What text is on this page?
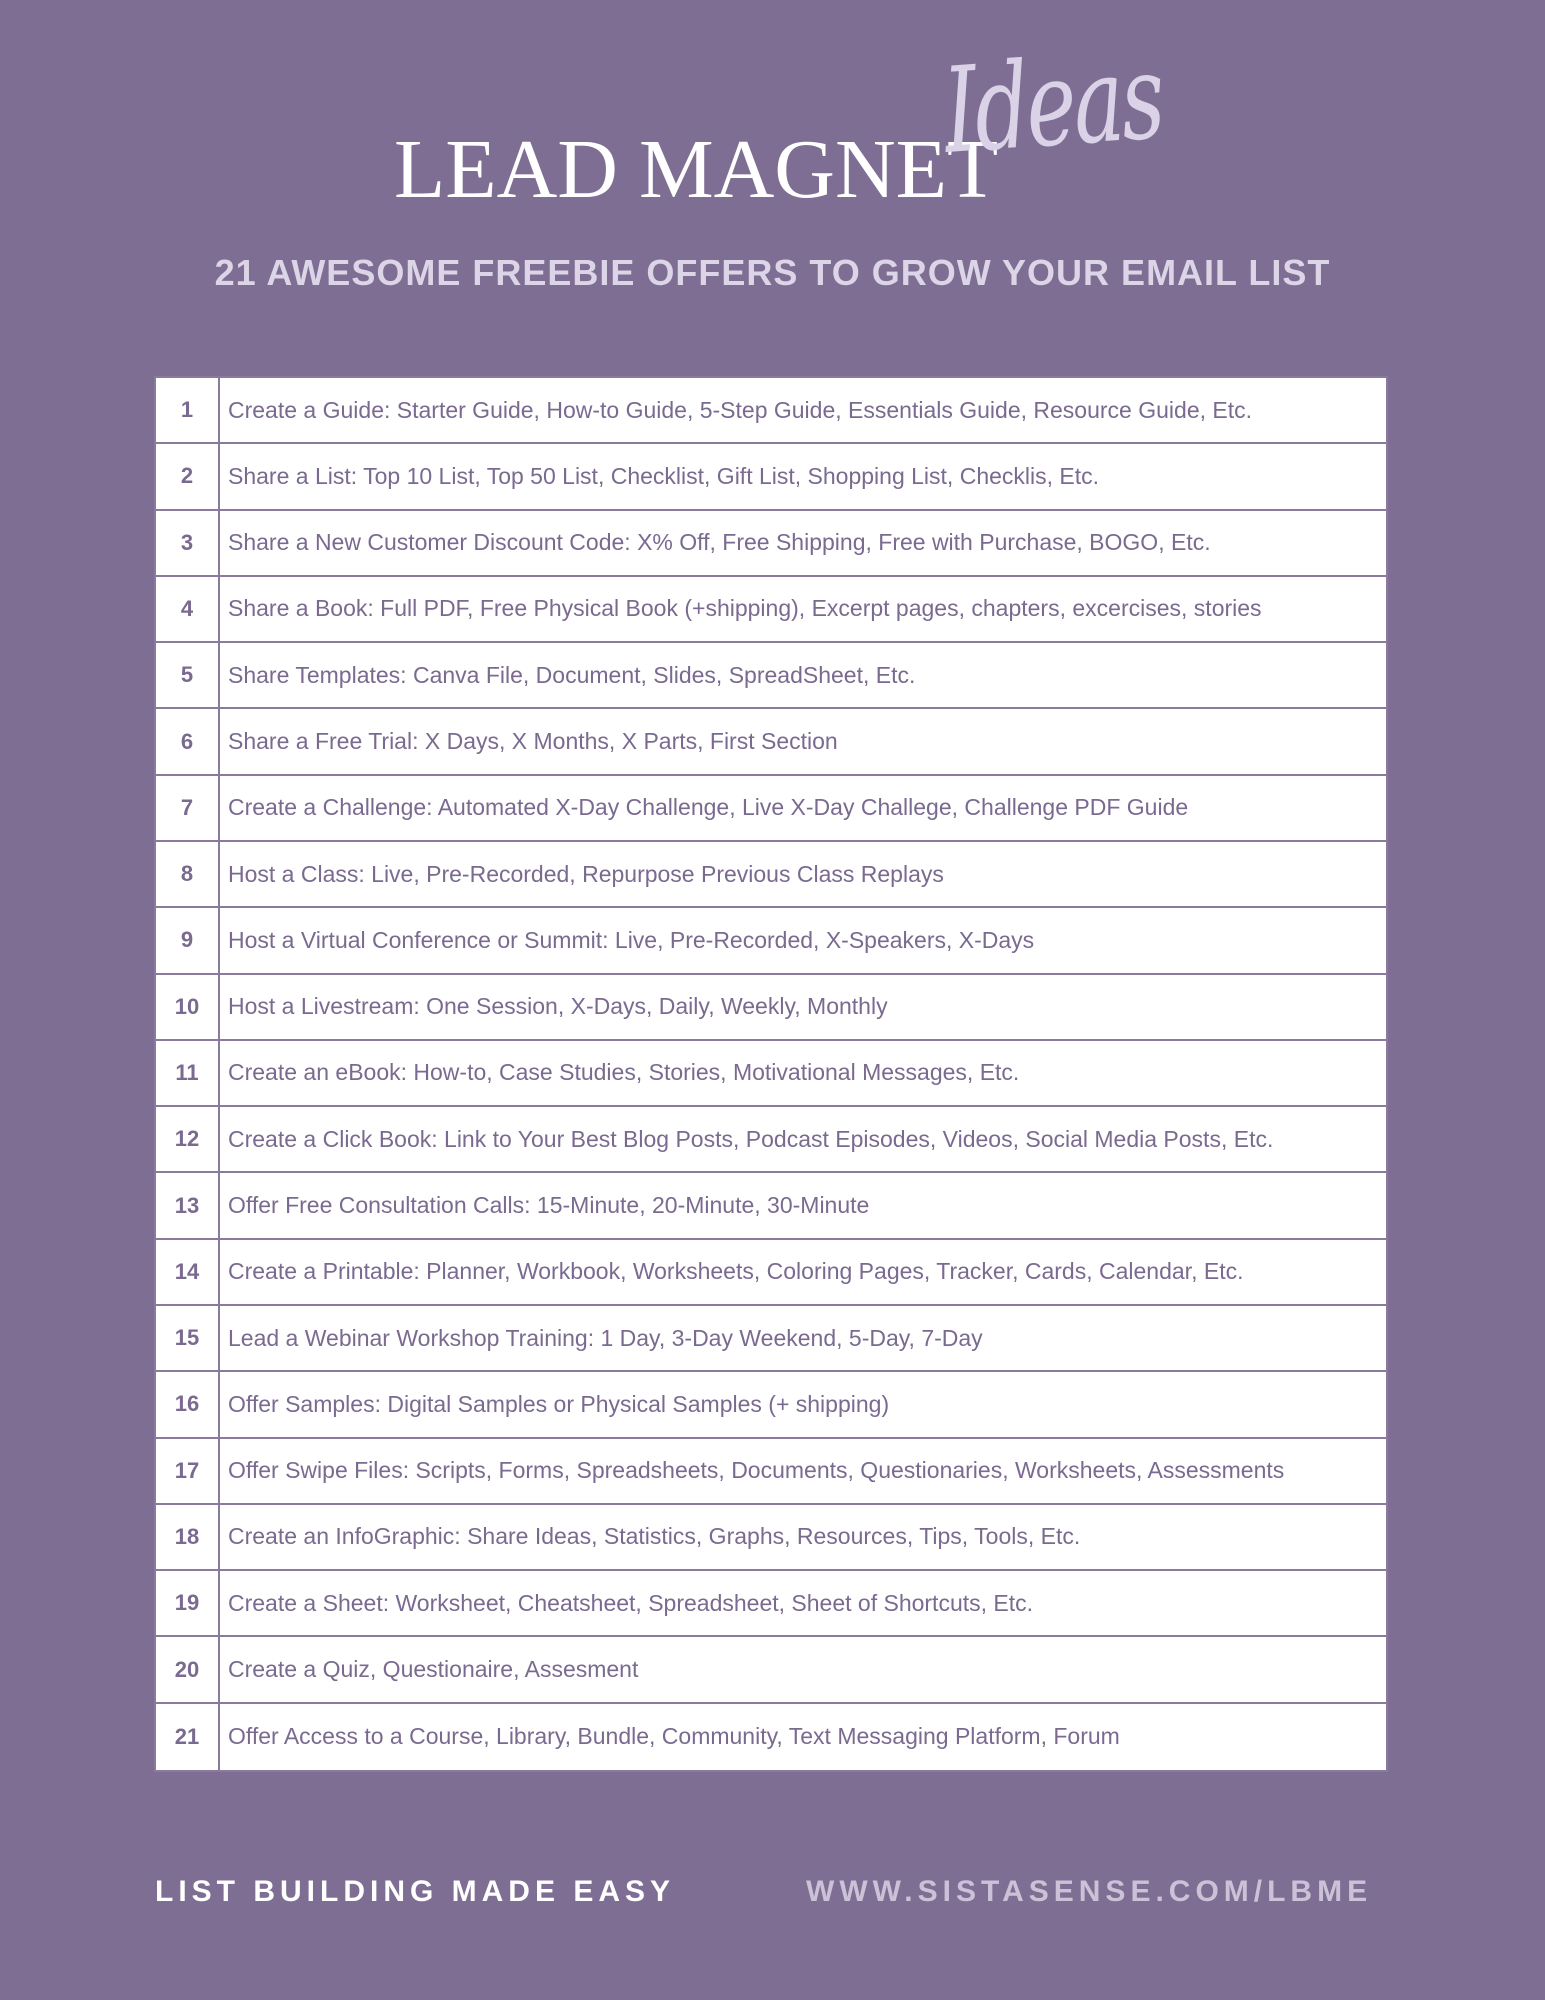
LEAD MAGNET
Ideas
21 AWESOME FREEBIE OFFERS TO GROW YOUR EMAIL LIST
1	Create a Guide: Starter Guide, How-to Guide, 5-Step Guide, Essentials Guide, Resource Guide, Etc.
2	Share a List: Top 10 List, Top 50 List, Checklist, Gift List, Shopping List, Checklis, Etc.
3	Share a New Customer Discount Code: X% Off, Free Shipping, Free with Purchase, BOGO, Etc.
4	Share a Book: Full PDF, Free Physical Book (+shipping), Excerpt pages, chapters, excercises, stories
5	Share Templates: Canva File, Document, Slides, SpreadSheet, Etc.
6	Share a Free Trial: X Days, X Months, X Parts, First Section
7	Create a Challenge: Automated X-Day Challenge, Live X-Day Challege, Challenge PDF Guide
8	Host a Class: Live, Pre-Recorded, Repurpose Previous Class Replays
9	Host a Virtual Conference or Summit: Live, Pre-Recorded, X-Speakers, X-Days
10	Host a Livestream: One Session, X-Days, Daily, Weekly, Monthly
11	Create an eBook: How-to, Case Studies, Stories, Motivational Messages, Etc.
12	Create a Click Book: Link to Your Best Blog Posts, Podcast Episodes, Videos, Social Media Posts, Etc.
13	Offer Free Consultation Calls: 15-Minute, 20-Minute, 30-Minute
14	Create a Printable: Planner, Workbook, Worksheets, Coloring Pages, Tracker, Cards, Calendar, Etc.
15	Lead a Webinar Workshop Training: 1 Day, 3-Day Weekend, 5-Day, 7-Day
16	Offer Samples: Digital Samples or Physical Samples (+ shipping)
17	Offer Swipe Files: Scripts, Forms, Spreadsheets, Documents, Questionaries, Worksheets, Assessments
18	Create an InfoGraphic: Share Ideas, Statistics, Graphs, Resources, Tips, Tools, Etc.
19	Create a Sheet: Worksheet, Cheatsheet, Spreadsheet, Sheet of Shortcuts, Etc.
20	Create a Quiz, Questionaire, Assesment
21	Offer Access to a Course, Library, Bundle, Community, Text Messaging Platform, Forum
LIST BUILDING MADE EASY	WWW.SISTASENSE.COM/LBME
